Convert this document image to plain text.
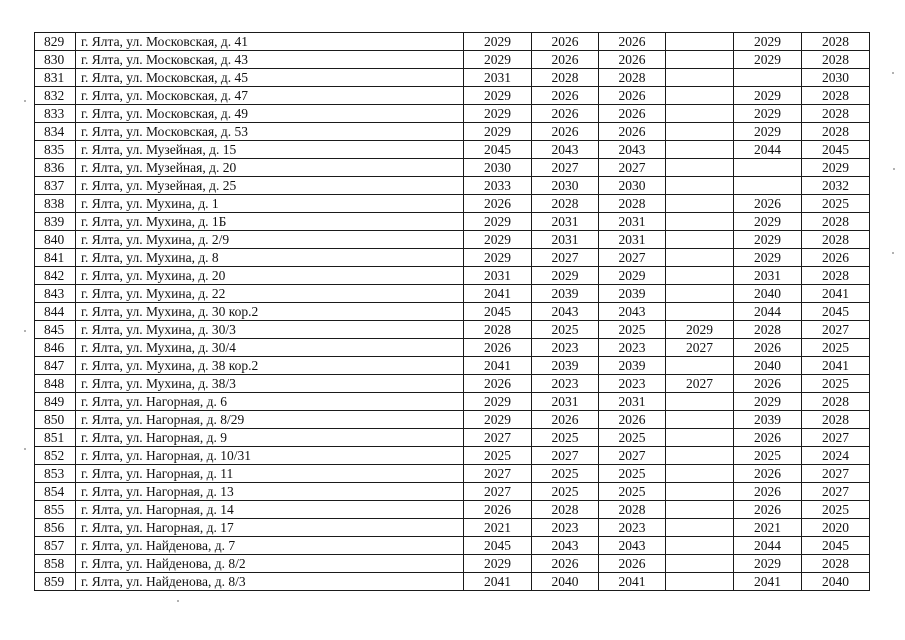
829	г. Ялта, ул. Московская, д. 41	2029	2026	2026		2029	2028
830	г. Ялта, ул. Московская, д. 43	2029	2026	2026		2029	2028
831	г. Ялта, ул. Московская, д. 45	2031	2028	2028			2030
832	г. Ялта, ул. Московская, д. 47	2029	2026	2026		2029	2028
833	г. Ялта, ул. Московская, д. 49	2029	2026	2026		2029	2028
834	г. Ялта, ул. Московская, д. 53	2029	2026	2026		2029	2028
835	г. Ялта, ул. Музейная, д. 15	2045	2043	2043		2044	2045
836	г. Ялта, ул. Музейная, д. 20	2030	2027	2027			2029
837	г. Ялта, ул. Музейная, д. 25	2033	2030	2030			2032
838	г. Ялта, ул. Мухина, д. 1	2026	2028	2028		2026	2025
839	г. Ялта, ул. Мухина, д. 1Б	2029	2031	2031		2029	2028
840	г. Ялта, ул. Мухина, д. 2/9	2029	2031	2031		2029	2028
841	г. Ялта, ул. Мухина, д. 8	2029	2027	2027		2029	2026
842	г. Ялта, ул. Мухина, д. 20	2031	2029	2029		2031	2028
843	г. Ялта, ул. Мухина, д. 22	2041	2039	2039		2040	2041
844	г. Ялта, ул. Мухина, д. 30 кор.2	2045	2043	2043		2044	2045
845	г. Ялта, ул. Мухина, д. 30/3	2028	2025	2025	2029	2028	2027
846	г. Ялта, ул. Мухина, д. 30/4	2026	2023	2023	2027	2026	2025
847	г. Ялта, ул. Мухина, д. 38 кор.2	2041	2039	2039		2040	2041
848	г. Ялта, ул. Мухина, д. 38/3	2026	2023	2023	2027	2026	2025
849	г. Ялта, ул. Нагорная, д. 6	2029	2031	2031		2029	2028
850	г. Ялта, ул. Нагорная, д. 8/29	2029	2026	2026		2039	2028
851	г. Ялта, ул. Нагорная, д. 9	2027	2025	2025		2026	2027
852	г. Ялта, ул. Нагорная, д. 10/31	2025	2027	2027		2025	2024
853	г. Ялта, ул. Нагорная, д. 11	2027	2025	2025		2026	2027
854	г. Ялта, ул. Нагорная, д. 13	2027	2025	2025		2026	2027
855	г. Ялта, ул. Нагорная, д. 14	2026	2028	2028		2026	2025
856	г. Ялта, ул. Нагорная, д. 17	2021	2023	2023		2021	2020
857	г. Ялта, ул. Найденова, д. 7	2045	2043	2043		2044	2045
858	г. Ялта, ул. Найденова, д. 8/2	2029	2026	2026		2029	2028
859	г. Ялта, ул. Найденова, д. 8/3	2041	2040	2041		2041	2040
